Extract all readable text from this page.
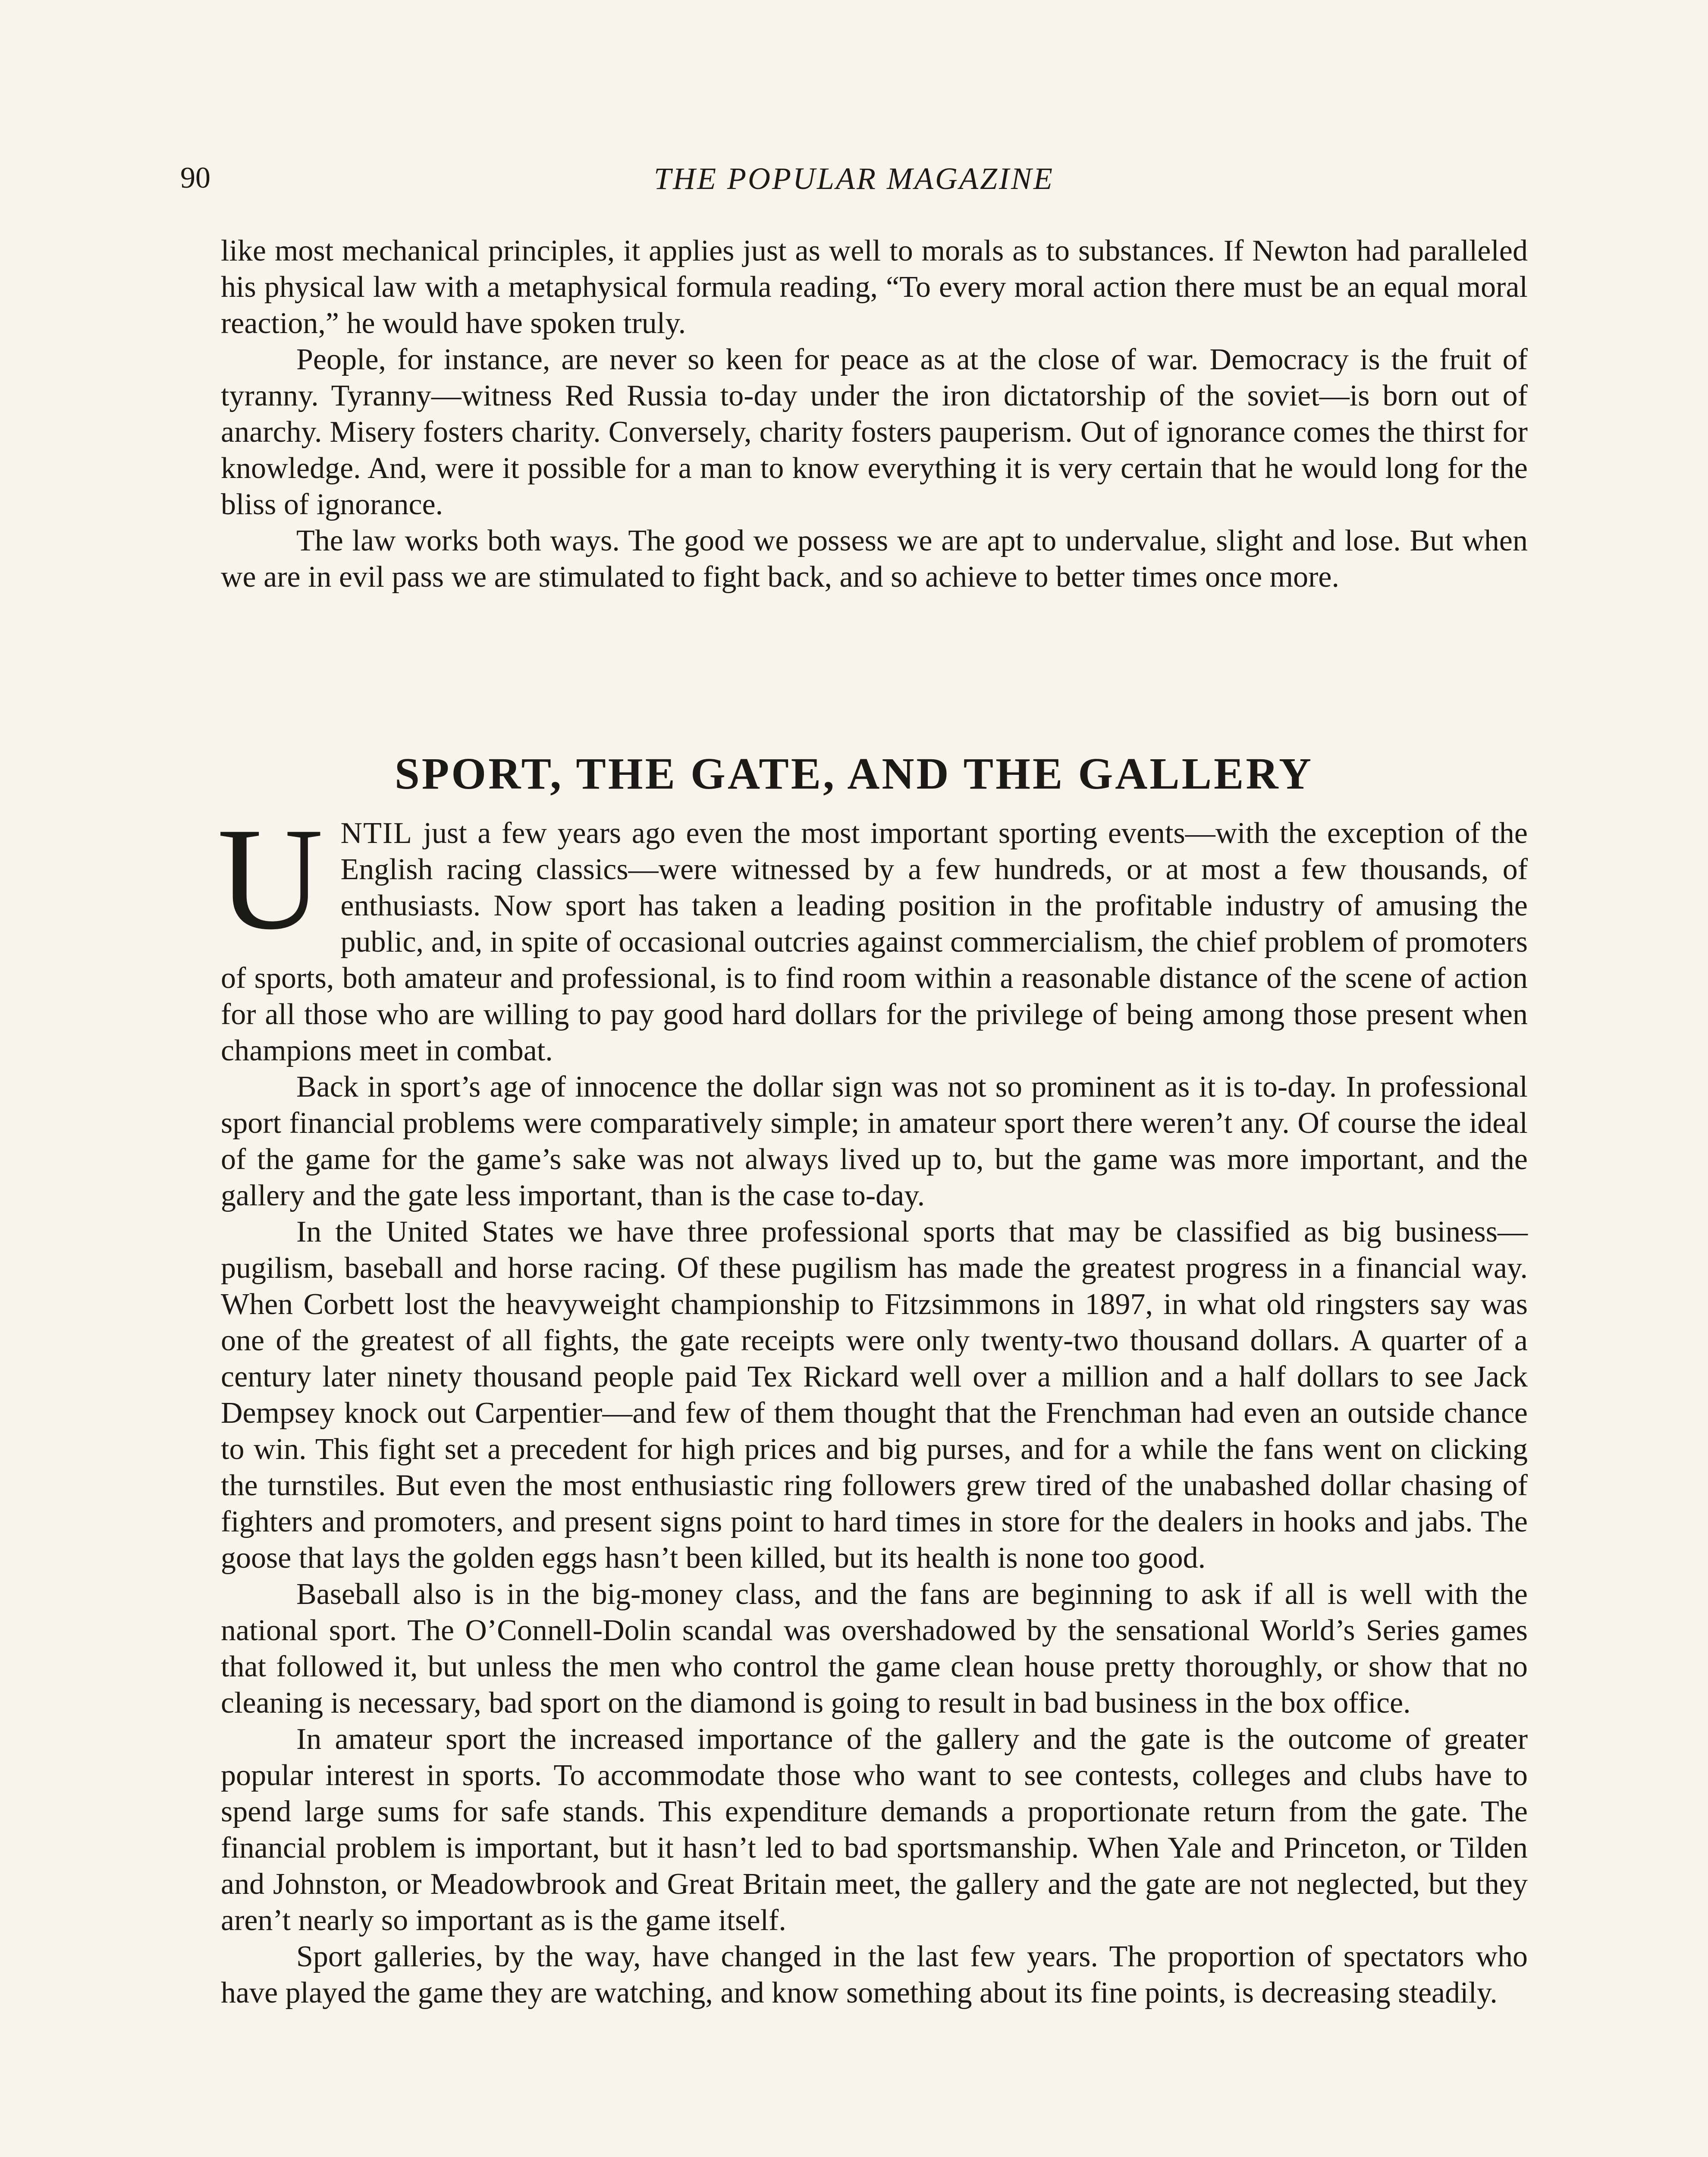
90	THE POPULAR MAGAZINE

like most mechanical principles, it applies just as well to morals as to substances. If Newton had paralleled his physical law with a metaphysical formula reading, “To every moral action there must be an equal moral reaction,” he would have spoken truly.

People, for instance, are never so keen for peace as at the close of war. Democracy is the fruit of tyranny. Tyranny—witness Red Russia to-day under the iron dictatorship of the soviet—is born out of anarchy. Misery fosters charity. Conversely, charity fosters pauperism. Out of ignorance comes the thirst for knowledge. And, were it possible for a man to know everything it is very certain that he would long for the bliss of ignorance.

The law works both ways. The good we possess we are apt to undervalue, slight and lose. But when we are in evil pass we are stimulated to fight back, and so achieve to better times once more.

SPORT, THE GATE, AND THE GALLERY

UNTIL just a few years ago even the most important sporting events—with the exception of the English racing classics—were witnessed by a few hundreds, or at most a few thousands, of enthusiasts. Now sport has taken a leading position in the profitable industry of amusing the public, and, in spite of occasional outcries against commercialism, the chief problem of promoters of sports, both amateur and professional, is to find room within a reasonable distance of the scene of action for all those who are willing to pay good hard dollars for the privilege of being among those present when champions meet in combat.

Back in sport’s age of innocence the dollar sign was not so prominent as it is to-day. In professional sport financial problems were comparatively simple; in amateur sport there weren’t any. Of course the ideal of the game for the game’s sake was not always lived up to, but the game was more important, and the gallery and the gate less important, than is the case to-day.

In the United States we have three professional sports that may be classified as big business—pugilism, baseball and horse racing. Of these pugilism has made the greatest progress in a financial way. When Corbett lost the heavyweight championship to Fitzsimmons in 1897, in what old ringsters say was one of the greatest of all fights, the gate receipts were only twenty-two thousand dollars. A quarter of a century later ninety thousand people paid Tex Rickard well over a million and a half dollars to see Jack Dempsey knock out Carpentier—and few of them thought that the Frenchman had even an outside chance to win. This fight set a precedent for high prices and big purses, and for a while the fans went on clicking the turnstiles. But even the most enthusiastic ring followers grew tired of the unabashed dollar chasing of fighters and promoters, and present signs point to hard times in store for the dealers in hooks and jabs. The goose that lays the golden eggs hasn’t been killed, but its health is none too good.

Baseball also is in the big-money class, and the fans are beginning to ask if all is well with the national sport. The O’Connell-Dolin scandal was overshadowed by the sensational World’s Series games that followed it, but unless the men who control the game clean house pretty thoroughly, or show that no cleaning is necessary, bad sport on the diamond is going to result in bad business in the box office.

In amateur sport the increased importance of the gallery and the gate is the outcome of greater popular interest in sports. To accommodate those who want to see contests, colleges and clubs have to spend large sums for safe stands. This expenditure demands a proportionate return from the gate. The financial problem is important, but it hasn’t led to bad sportsmanship. When Yale and Princeton, or Tilden and Johnston, or Meadowbrook and Great Britain meet, the gallery and the gate are not neglected, but they aren’t nearly so important as is the game itself.

Sport galleries, by the way, have changed in the last few years. The proportion of spectators who have played the game they are watching, and know something about its fine points, is decreasing steadily.
